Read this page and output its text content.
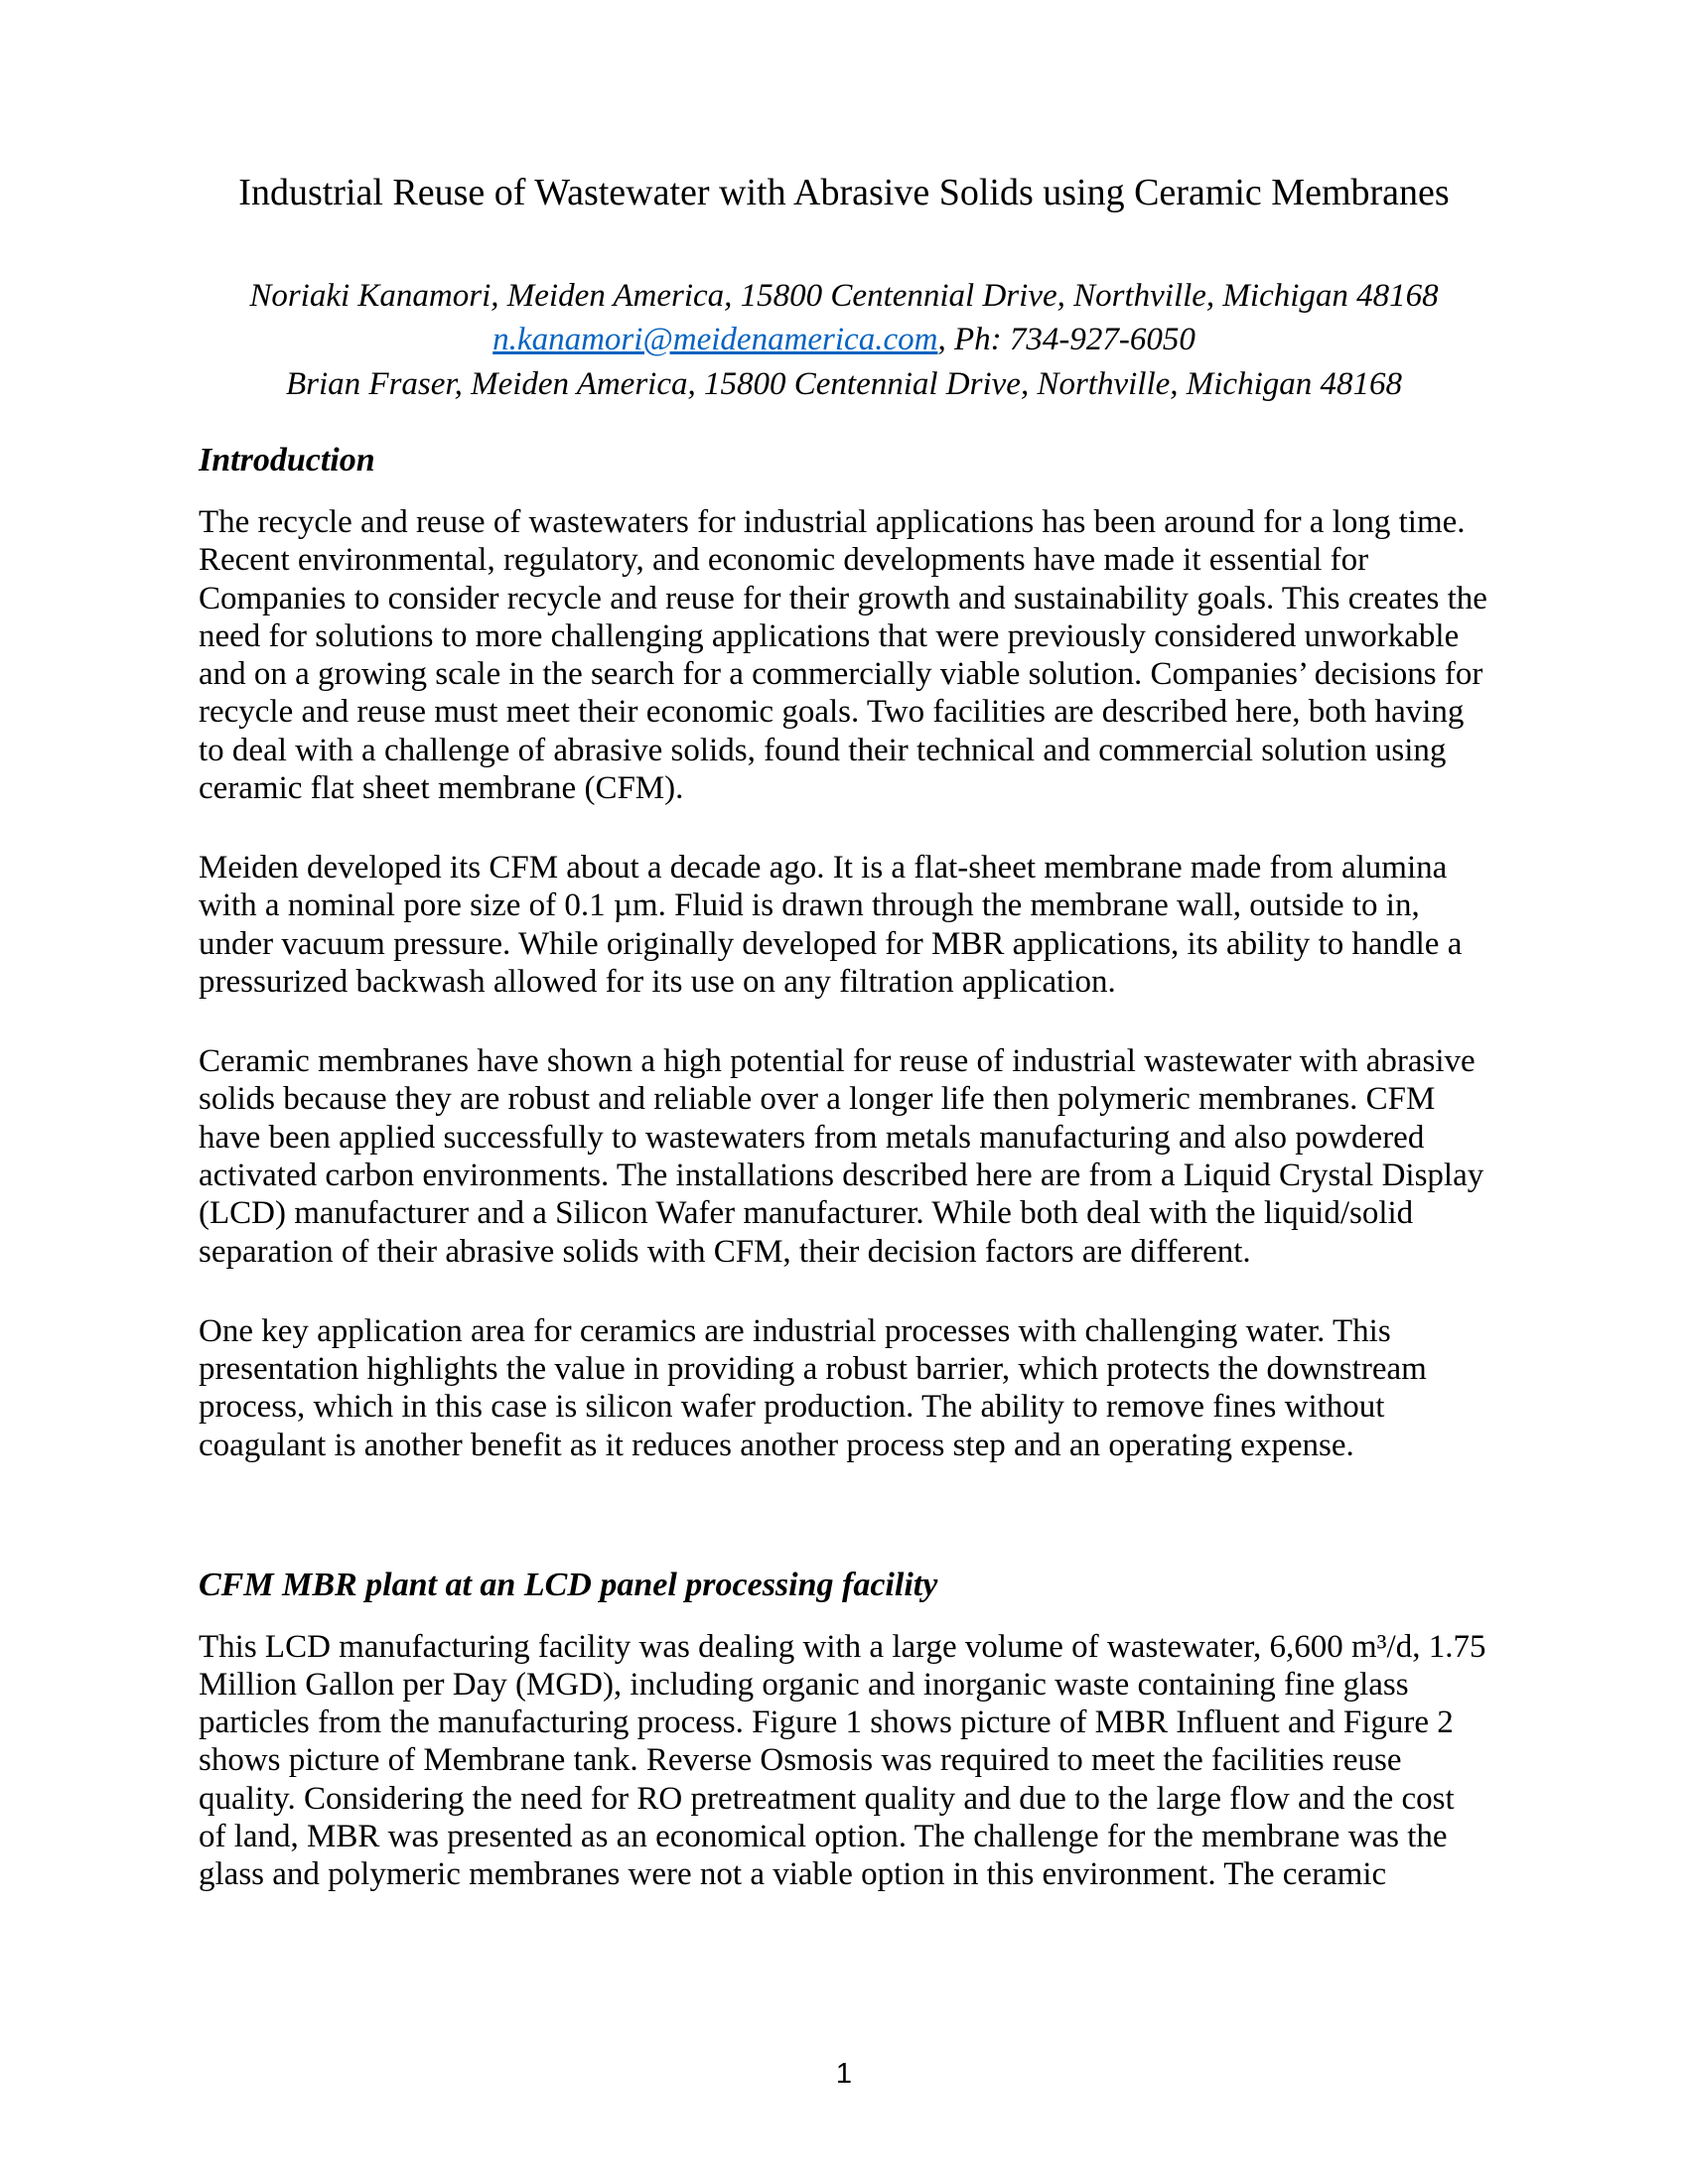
Industrial Reuse of Wastewater with Abrasive Solids using Ceramic Membranes
Noriaki Kanamori, Meiden America, 15800 Centennial Drive, Northville, Michigan 48168
n.kanamori@meidenamerica.com, Ph: 734-927-6050
Brian Fraser, Meiden America, 15800 Centennial Drive, Northville, Michigan 48168
Introduction

The recycle and reuse of wastewaters for industrial applications has been around for a long time. Recent environmental, regulatory, and economic developments have made it essential for Companies to consider recycle and reuse for their growth and sustainability goals. This creates the need for solutions to more challenging applications that were previously considered unworkable and on a growing scale in the search for a commercially viable solution. Companies’ decisions for recycle and reuse must meet their economic goals. Two facilities are described here, both having to deal with a challenge of abrasive solids, found their technical and commercial solution using ceramic flat sheet membrane (CFM).

Meiden developed its CFM about a decade ago. It is a flat-sheet membrane made from alumina with a nominal pore size of 0.1 µm. Fluid is drawn through the membrane wall, outside to in, under vacuum pressure. While originally developed for MBR applications, its ability to handle a pressurized backwash allowed for its use on any filtration application.

Ceramic membranes have shown a high potential for reuse of industrial wastewater with abrasive solids because they are robust and reliable over a longer life then polymeric membranes. CFM have been applied successfully to wastewaters from metals manufacturing and also powdered activated carbon environments. The installations described here are from a Liquid Crystal Display (LCD) manufacturer and a Silicon Wafer manufacturer. While both deal with the liquid/solid separation of their abrasive solids with CFM, their decision factors are different.

One key application area for ceramics are industrial processes with challenging water. This presentation highlights the value in providing a robust barrier, which protects the downstream process, which in this case is silicon wafer production. The ability to remove fines without coagulant is another benefit as it reduces another process step and an operating expense.

CFM MBR plant at an LCD panel processing facility

This LCD manufacturing facility was dealing with a large volume of wastewater, 6,600 m³/d, 1.75 Million Gallon per Day (MGD), including organic and inorganic waste containing fine glass particles from the manufacturing process. Figure 1 shows picture of MBR Influent and Figure 2 shows picture of Membrane tank. Reverse Osmosis was required to meet the facilities reuse quality. Considering the need for RO pretreatment quality and due to the large flow and the cost of land, MBR was presented as an economical option. The challenge for the membrane was the glass and polymeric membranes were not a viable option in this environment. The ceramic

1
